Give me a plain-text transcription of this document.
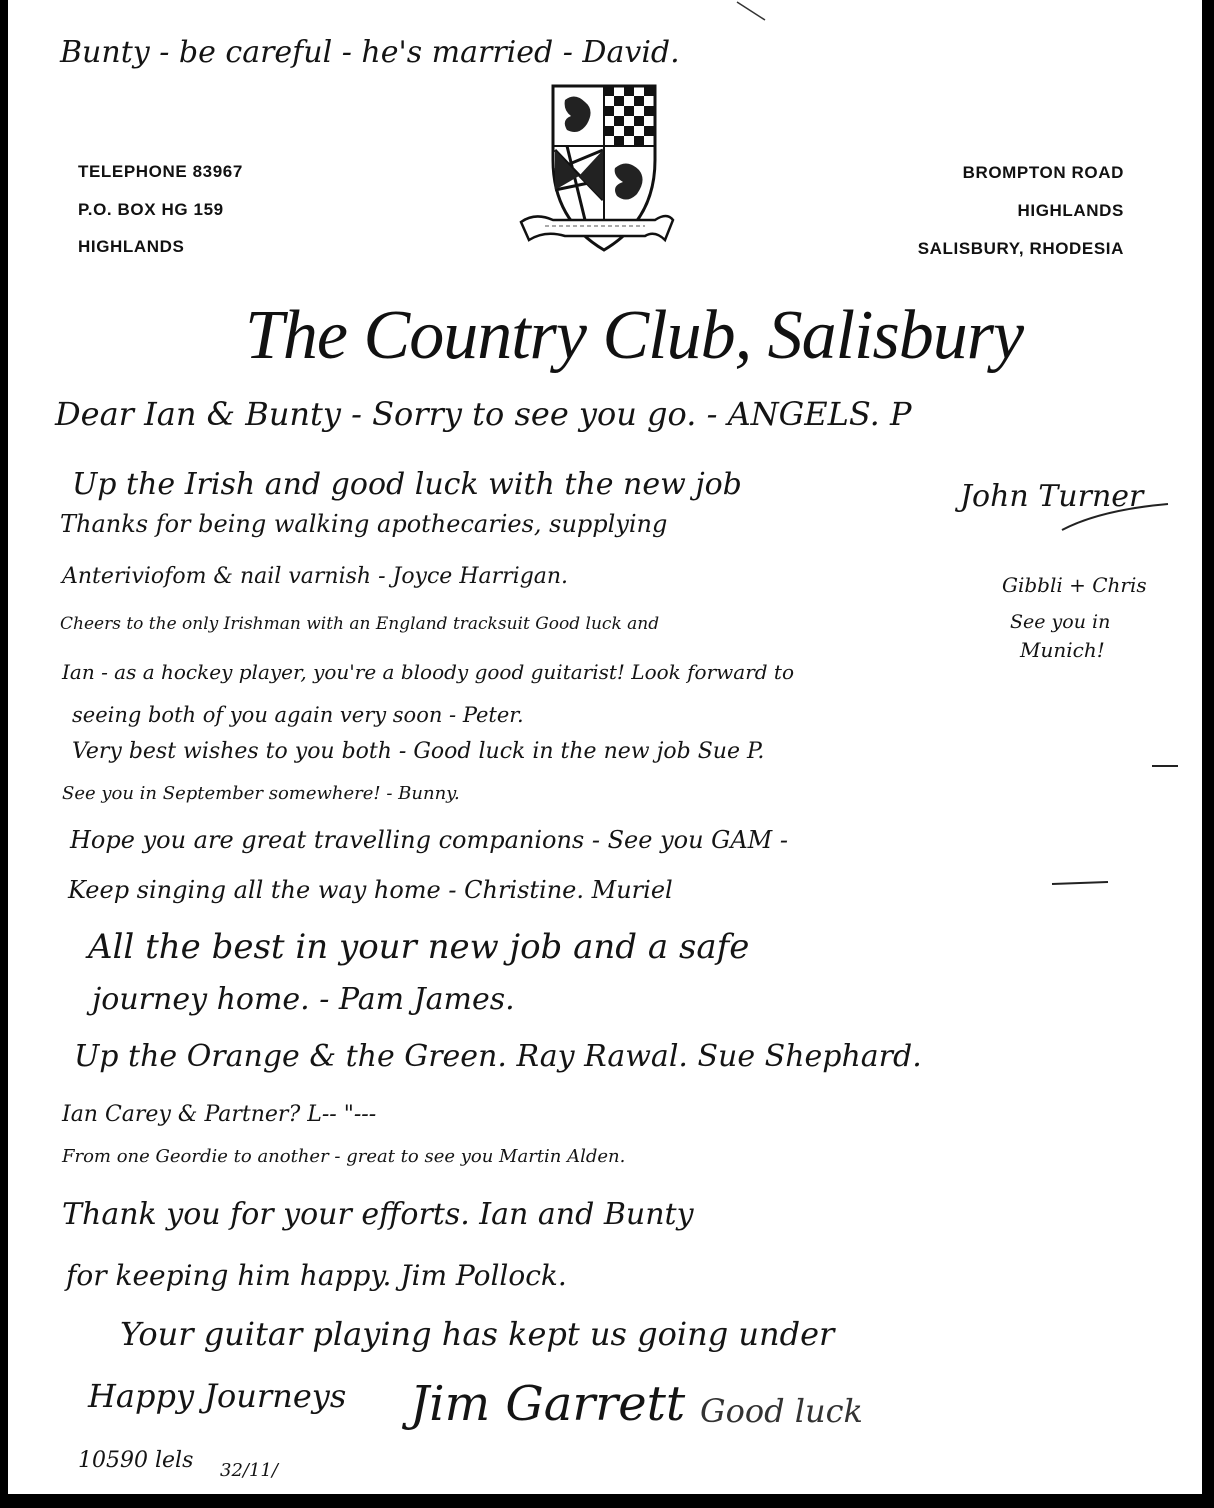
Bunty - be careful - he's married - David.
TELEPHONE 83967
P.O. BOX HG 159
HIGHLANDS
BROMPTON ROAD
HIGHLANDS
SALISBURY, RHODESIA
The Country Club, Salisbury
Dear Ian & Bunty - Sorry to see you go. - ANGELS. P
Up the Irish and good luck with the new job
Thanks for being walking apothecaries, supplying
Anteriviofom & nail varnish - Joyce Harrigan.
Cheers to the only Irishman with an England tracksuit Good luck and
Ian - as a hockey player, you're a bloody good guitarist! Look forward to
seeing both of you again very soon - Peter.
Very best wishes to you both - Good luck in the new job Sue P.
See you in September somewhere! - Bunny.
Hope you are great travelling companions - See you GAM -
Keep singing all the way home - Christine. Muriel
All the best in your new job and a safe
journey home. - Pam James.
Up the Orange & the Green. Ray Rawal. Sue Shephard.
Ian Carey & Partner? L-- "---
From one Geordie to another - great to see you Martin Alden.
Thank you for your efforts. Ian and Bunty
for keeping him happy. Jim Pollock.
Your guitar playing has kept us going under
Happy Journeys	Good luck
John Turner
Gibbli + Chris
See you in
Munich!
Jim Garrett
10590 lels 32/11/
